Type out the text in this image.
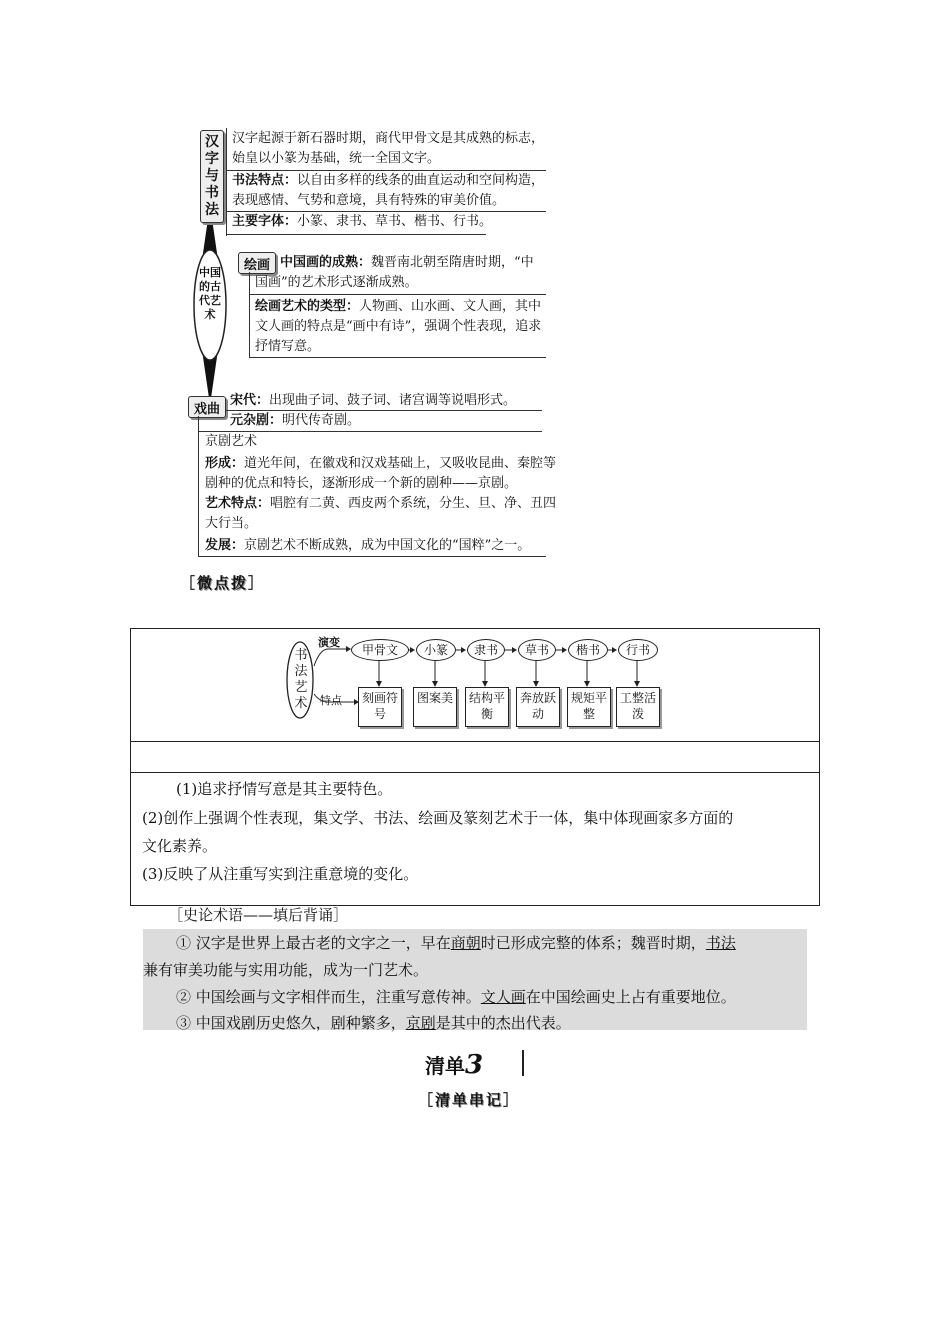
中国的古代艺术
汉字与书法
汉字起源于新石器时期，商代甲骨文是其成熟的标志，
始皇以小篆为基础，统一全国文字。
书法特点：以自由多样的线条的曲直运动和空间构造，
表现感情、气势和意境，具有特殊的审美价值。
主要字体：小篆、隶书、草书、楷书、行书。
绘画 中国画的成熟：魏晋南北朝至隋唐时期，“中
国画”的艺术形式逐渐成熟。
绘画艺术的类型：人物画、山水画、文人画，其中
文人画的特点是“画中有诗”，强调个性表现，追求
抒情写意。
戏曲
宋代：出现曲子词、鼓子词、诸宫调等说唱形式。
元杂剧：明代传奇剧。
京剧艺术
形成：道光年间，在徽戏和汉戏基础上，又吸收昆曲、秦腔等
剧种的优点和特长，逐渐形成一个新的剧种——京剧。
艺术特点：唱腔有二黄、西皮两个系统，分生、旦、净、丑四
大行当。
发展：京剧艺术不断成熟，成为中国文化的“国粹”之一。
［微点拨］
书法艺术
演变
特点
甲骨文	小篆	隶书	草书	楷书	行书
刻画符号
图案美	结构平衡
奔放跃动
规矩平整
工整活泼
(1)追求抒情写意是其主要特色。
(2)创作上强调个性表现，集文学、书法、绘画及篆刻艺术于一体，集中体现画家多方面的
文化素养。
(3)反映了从注重写实到注重意境的变化。
［史论术语——填后背诵］
① 汉字是世界上最古老的文字之一，早在商朝时已形成完整的体系；魏晋时期，书法
兼有审美功能与实用功能，成为一门艺术。
② 中国绘画与文字相伴而生，注重写意传神。文人画在中国绘画史上占有重要地位。
③ 中国戏剧历史悠久，剧种繁多，京剧是其中的杰出代表。
清单3
［清单串记］
